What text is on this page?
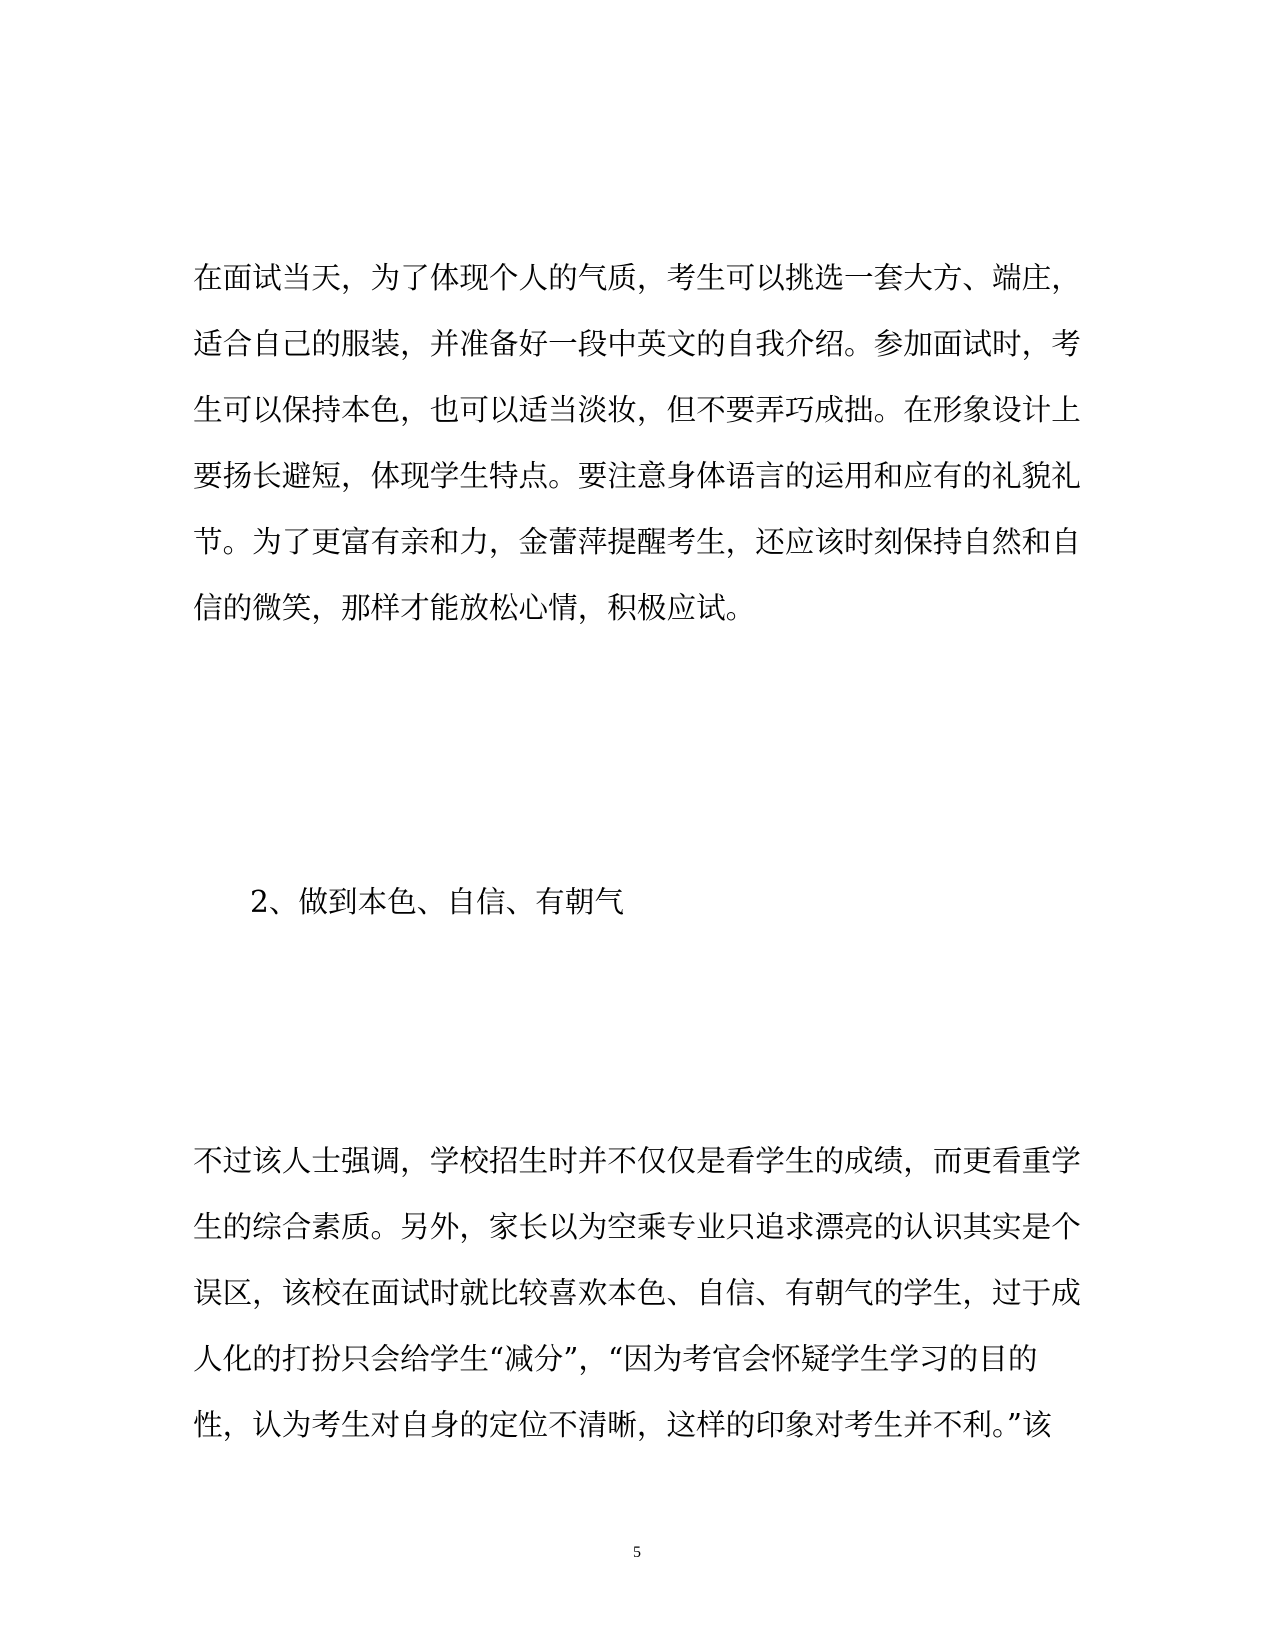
在面试当天，为了体现个人的气质，考生可以挑选一套大方、端庄，
适合自己的服装，并准备好一段中英文的自我介绍。参加面试时，考
生可以保持本色，也可以适当淡妆，但不要弄巧成拙。在形象设计上
要扬长避短，体现学生特点。要注意身体语言的运用和应有的礼貌礼
节。为了更富有亲和力，金蕾萍提醒考生，还应该时刻保持自然和自
信的微笑，那样才能放松心情，积极应试。
2、做到本色、自信、有朝气
不过该人士强调，学校招生时并不仅仅是看学生的成绩，而更看重学
生的综合素质。另外，家长以为空乘专业只追求漂亮的认识其实是个
误区，该校在面试时就比较喜欢本色、自信、有朝气的学生，过于成
人化的打扮只会给学生“减分”，“因为考官会怀疑学生学习的目的
性，认为考生对自身的定位不清晰，这样的印象对考生并不利。”该
5
